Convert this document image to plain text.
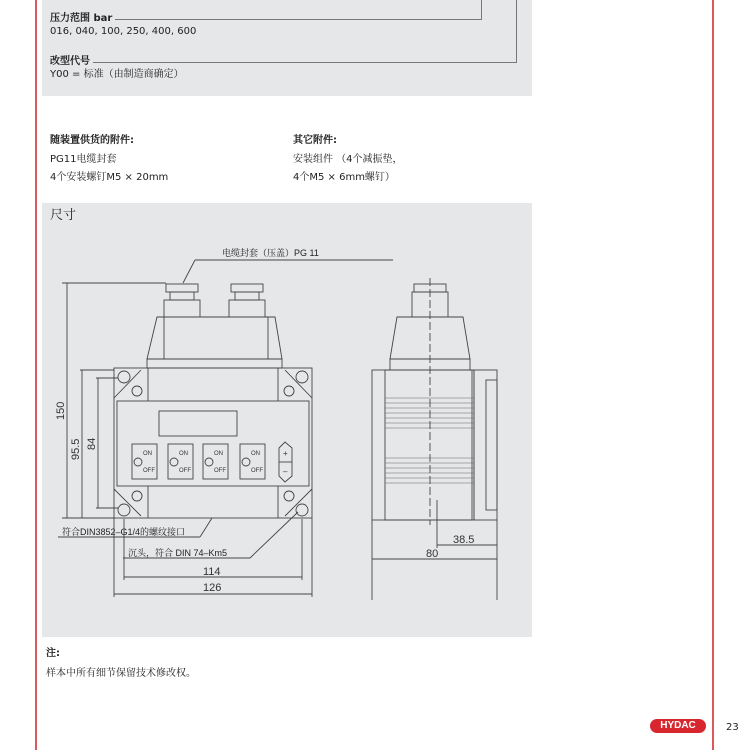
压力范围 bar
016, 040, 100, 250, 400, 600
改型代号
Y00 = 标准（由制造商确定）
随装置供货的附件:
PG11电缆封套
4个安装螺钉M5 × 20mm
其它附件:
安装组件 （4个减振垫，
4个M5 × 6mm螺钉）
尺寸
电缆封套（压盖）PG 11
ON
OFF
ON
OFF
ON
OFF
ON
OFF
+
–
150
95.5 84
符合DIN3852–G1/4的螺纹接口
沉头，符合 DIN 74–Km5
114
126
38.5
80
注:
样本中所有细节保留技术修改权。
HYDAC	23
